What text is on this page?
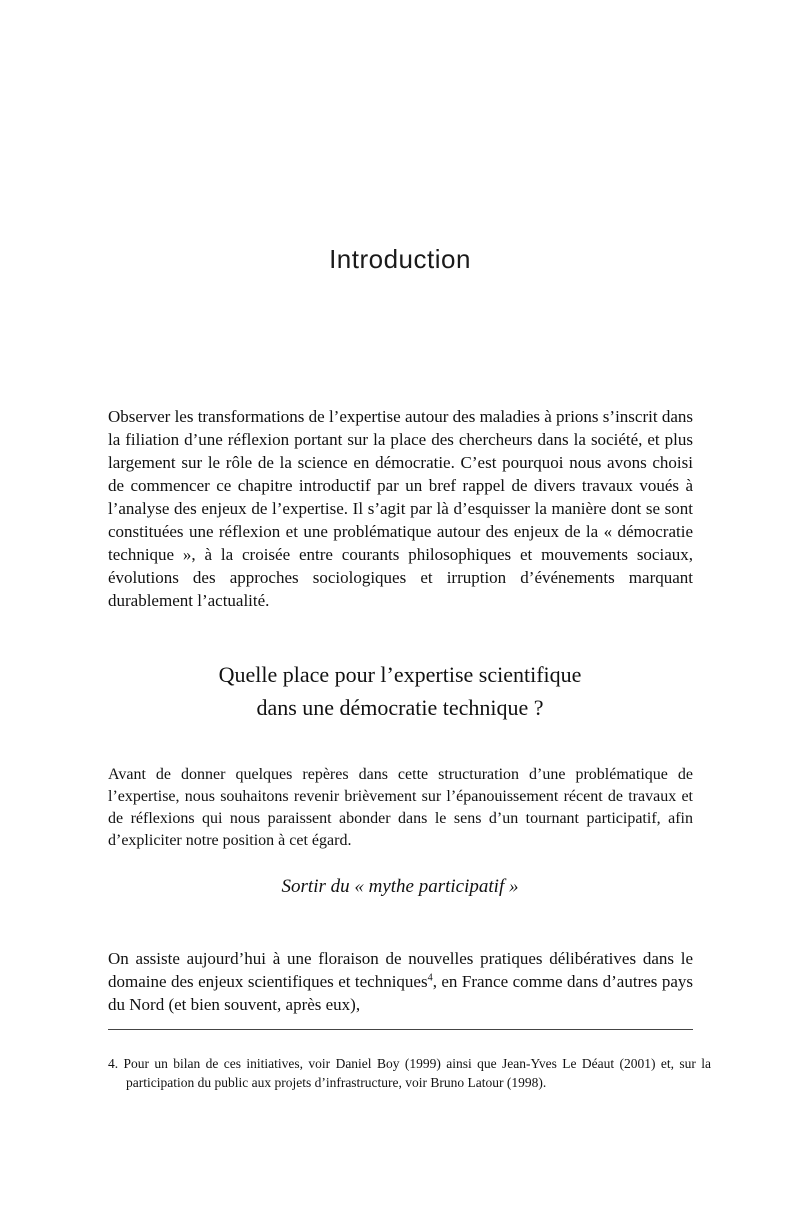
Introduction

Observer les transformations de l’expertise autour des maladies à prions s’inscrit dans la filiation d’une réflexion portant sur la place des chercheurs dans la société, et plus largement sur le rôle de la science en démocratie. C’est pourquoi nous avons choisi de commencer ce chapitre introductif par un bref rappel de divers travaux voués à l’analyse des enjeux de l’expertise. Il s’agit par là d’esquisser la manière dont se sont constituées une réflexion et une problématique autour des enjeux de la « démocratie technique », à la croisée entre courants philosophiques et mouvements sociaux, évolutions des approches sociologiques et irruption d’événements marquant durablement l’actualité.

Quelle place pour l’expertise scientifique
dans une démocratie technique ?

Avant de donner quelques repères dans cette structuration d’une problématique de l’expertise, nous souhaitons revenir brièvement sur l’épanouissement récent de travaux et de réflexions qui nous paraissent abonder dans le sens d’un tournant participatif, afin d’expliciter notre position à cet égard.

Sortir du « mythe participatif »

On assiste aujourd’hui à une floraison de nouvelles pratiques délibératives dans le domaine des enjeux scientifiques et techniques$^4$, en France comme dans d’autres pays du Nord (et bien souvent, après eux),

4. Pour un bilan de ces initiatives, voir Daniel Boy (1999) ainsi que Jean-Yves Le Déaut (2001) et, sur la participation du public aux projets d’infrastructure, voir Bruno Latour (1998).
